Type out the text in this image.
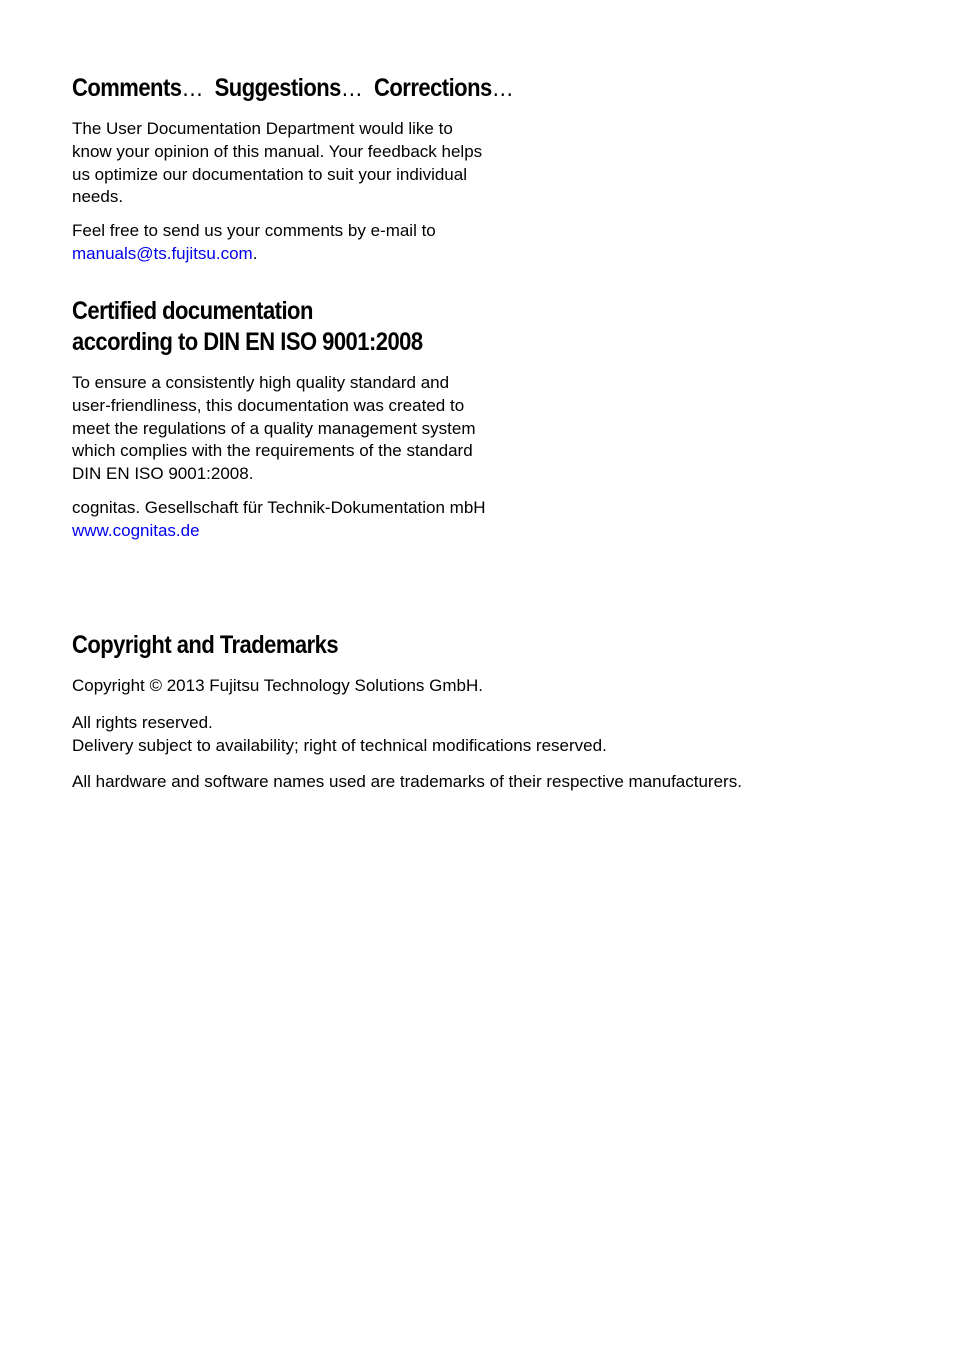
Comments… Suggestions… Corrections…

The User Documentation Department would like to
know your opinion of this manual. Your feedback helps
us optimize our documentation to suit your individual
needs.

Feel free to send us your comments by e-mail to
manuals@ts.fujitsu.com.

Certified documentation
according to DIN EN ISO 9001:2008

To ensure a consistently high quality standard and
user-friendliness, this documentation was created to
meet the regulations of a quality management system
which complies with the requirements of the standard
DIN EN ISO 9001:2008.

cognitas. Gesellschaft für Technik-Dokumentation mbH
www.cognitas.de

Copyright and Trademarks

Copyright © 2013 Fujitsu Technology Solutions GmbH.

All rights reserved.
Delivery subject to availability; right of technical modifications reserved.

All hardware and software names used are trademarks of their respective manufacturers.
